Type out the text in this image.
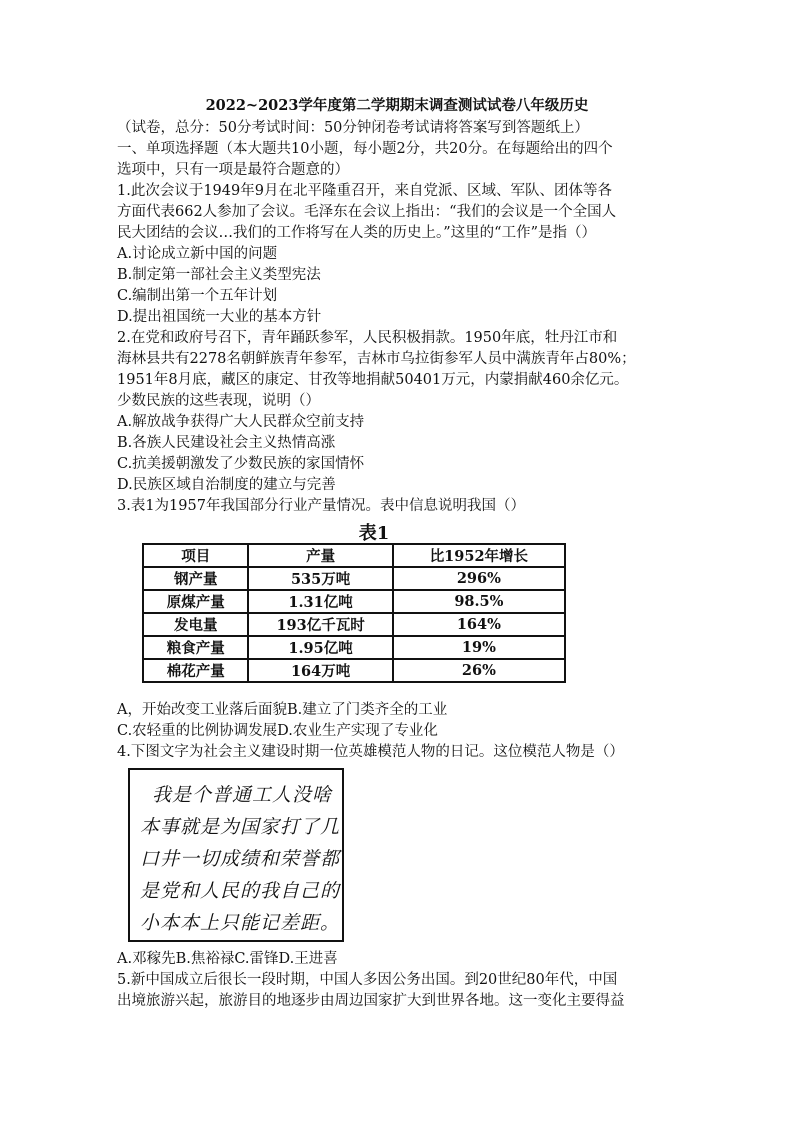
2022~2023学年度第二学期期末调查测试试卷八年级历史
（试卷，总分：50分考试时间：50分钟闭卷考试请将答案写到答题纸上）
一、单项选择题（本大题共10小题，每小题2分，共20分。在每题给出的四个
选项中，只有一项是最符合题意的）
1.此次会议于1949年9月在北平隆重召开，来自党派、区域、军队、团体等各
方面代表662人参加了会议。毛泽东在会议上指出：“我们的会议是一个全国人
民大团结的会议…我们的工作将写在人类的历史上。”这里的“工作”是指（）
A.讨论成立新中国的问题
B.制定第一部社会主义类型宪法
C.编制出第一个五年计划
D.提出祖国统一大业的基本方针
2.在党和政府号召下，青年踊跃参军，人民积极捐款。1950年底，牡丹江市和
海林县共有2278名朝鲜族青年参军，吉林市乌拉街参军人员中满族青年占80%；
1951年8月底，藏区的康定、甘孜等地捐献50401万元，内蒙捐献460余亿元。
少数民族的这些表现，说明（）
A.解放战争获得广大人民群众空前支持
B.各族人民建设社会主义热情高涨
C.抗美援朝激发了少数民族的家国情怀
D.民族区域自治制度的建立与完善
3.表1为1957年我国部分行业产量情况。表中信息说明我国（）
表1
项目	产量	比1952年增长
钢产量	535万吨	296%
原煤产量	1.31亿吨	98.5%
发电量	193亿千瓦时	164%
粮食产量	1.95亿吨	19%
棉花产量	164万吨	26%
A，开始改变工业落后面貌B.建立了门类齐全的工业
C.农轻重的比例协调发展D.农业生产实现了专业化
4.下图文字为社会主义建设时期一位英雄模范人物的日记。这位模范人物是（）
我是个普通工人没啥
本事就是为国家打了几
口井一切成绩和荣誉都
是党和人民的我自己的
小本本上只能记差距。
A.邓稼先B.焦裕禄C.雷锋D.王进喜
5.新中国成立后很长一段时期，中国人多因公务出国。到20世纪80年代，中国
出境旅游兴起，旅游目的地逐步由周边国家扩大到世界各地。这一变化主要得益
